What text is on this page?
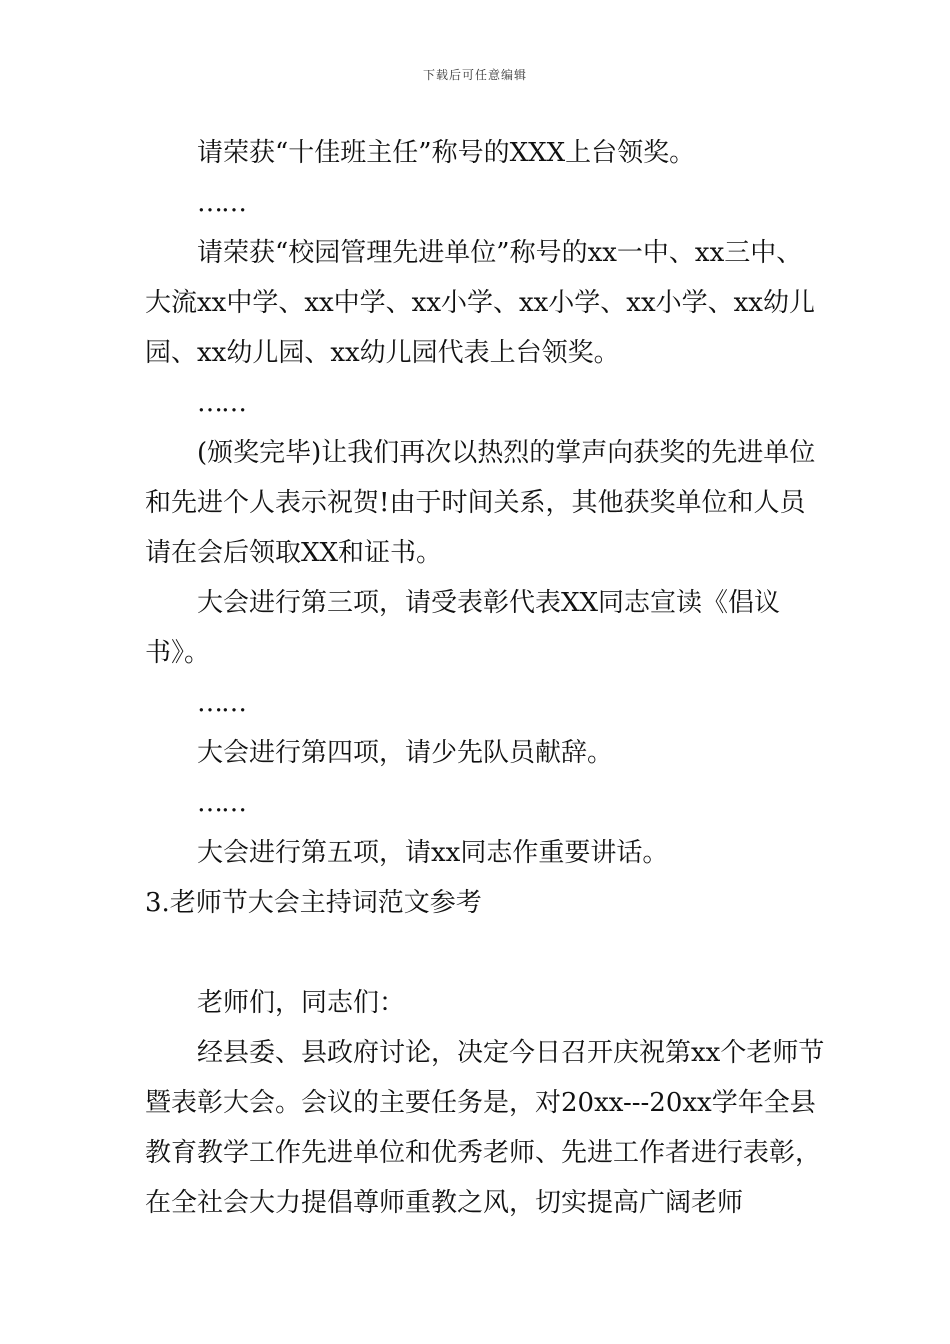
下载后可任意编辑

请荣获“十佳班主任”称号的XXX上台领奖。

……

请荣获“校园管理先进单位”称号的xx一中、xx三中、大流xx中学、xx中学、xx小学、xx小学、xx小学、xx幼儿园、xx幼儿园、xx幼儿园代表上台领奖。

……

(颁奖完毕)让我们再次以热烈的掌声向获奖的先进单位和先进个人表示祝贺!由于时间关系，其他获奖单位和人员请在会后领取XX和证书。

大会进行第三项，请受表彰代表XX同志宣读《倡议书》。

……

大会进行第四项，请少先队员献辞。

……

大会进行第五项，请xx同志作重要讲话。

3.老师节大会主持词范文参考

老师们，同志们：

经县委、县政府讨论，决定今日召开庆祝第xx个老师节暨表彰大会。会议的主要任务是，对20xx---20xx学年全县教育教学工作先进单位和优秀老师、先进工作者进行表彰，在全社会大力提倡尊师重教之风，切实提高广阔老师
